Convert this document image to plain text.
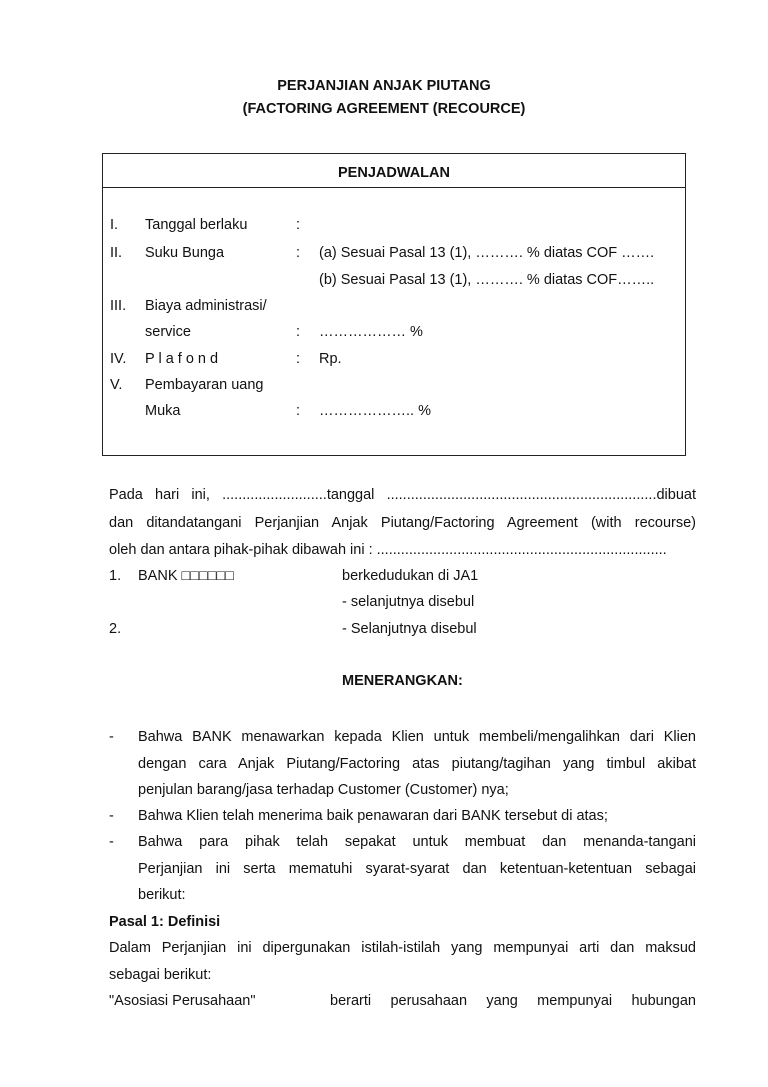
PERJANJIAN ANJAK PIUTANG
(FACTORING AGREEMENT (RECOURCE)
PENJADWALAN
I. Tanggal berlaku	:
II. Suku Bunga	: (a) Sesuai Pasal 13 (1), ………. % diatas COF …….
(b) Sesuai Pasal 13 (1), ………. % diatas COF……..
III. Biaya administrasi/
service	: ……………… %
IV. P l a f o n d	: Rp.
V. Pembayaran uang
Muka	: ……………….. %
Pada hari ini, ..........................tanggal ...................................................................dibuat
dan ditandatangani Perjanjian Anjak Piutang/Factoring Agreement (with recourse)
oleh dan antara pihak-pihak dibawah ini : ........................................................................
1. BANK □□□□□□	berkedudukan di JA1
- selanjutnya disebul
2.	- Selanjutnya disebul
MENERANGKAN:
- Bahwa BANK menawarkan kepada Klien untuk membeli/mengalihkan dari Klien
dengan cara Anjak Piutang/Factoring atas piutang/tagihan yang timbul akibat
penjulan barang/jasa terhadap Customer (Customer) nya;
- Bahwa Klien telah menerima baik penawaran dari BANK tersebut di atas;
- Bahwa para pihak telah sepakat untuk membuat dan menanda-tangani
Perjanjian ini serta mematuhi syarat-syarat dan ketentuan-ketentuan sebagai
berikut:
Pasal 1: Definisi
Dalam Perjanjian ini dipergunakan istilah-istilah yang mempunyai arti dan maksud
sebagai berikut:
"Asosiasi Perusahaan"	berarti perusahaan yang mempunyai hubungan
